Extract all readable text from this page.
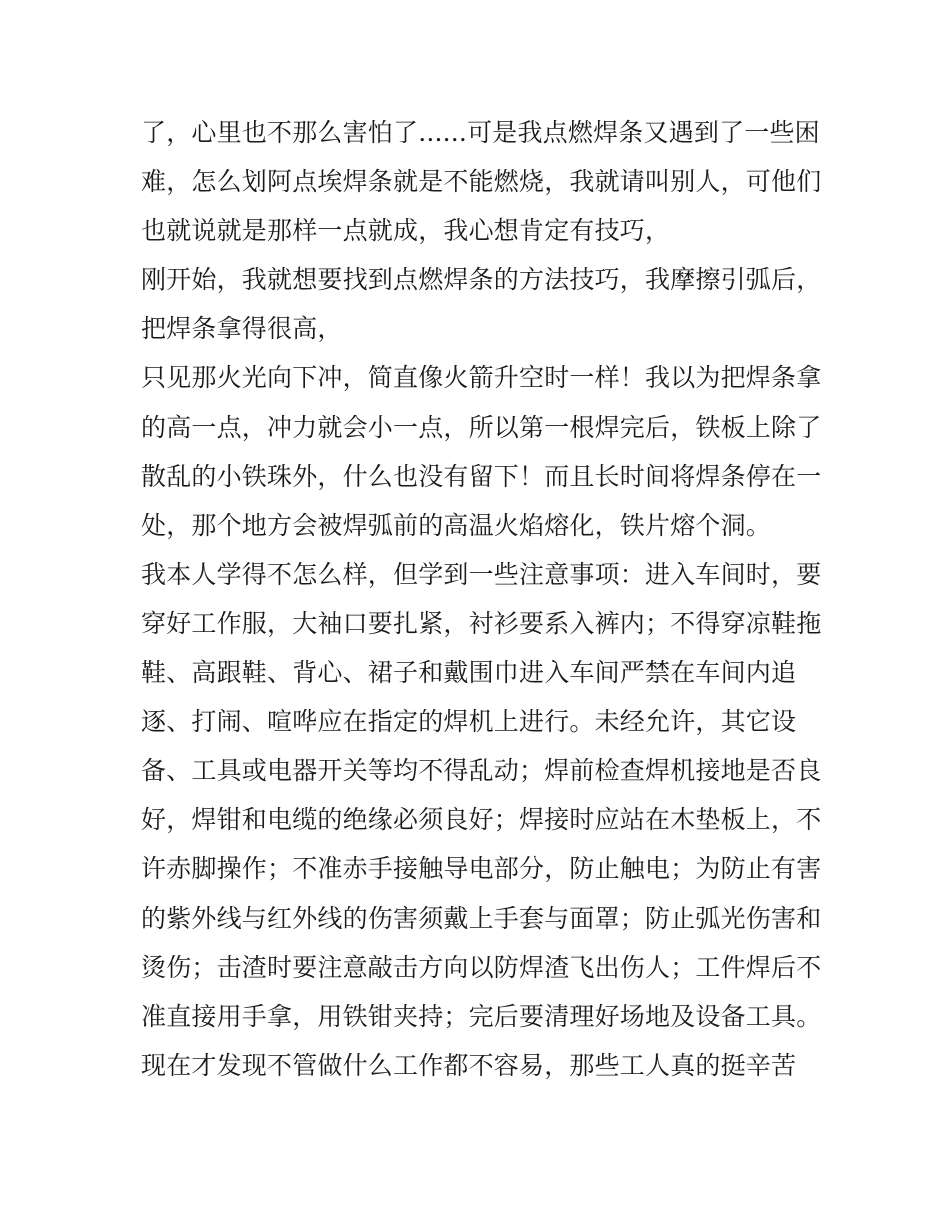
了，心里也不那么害怕了......可是我点燃焊条又遇到了一些困
难，怎么划阿点埃焊条就是不能燃烧，我就请叫别人，可他们
也就说就是那样一点就成，我心想肯定有技巧，
刚开始，我就想要找到点燃焊条的方法技巧，我摩擦引弧后，
把焊条拿得很高，
只见那火光向下冲，简直像火箭升空时一样！我以为把焊条拿
的高一点，冲力就会小一点，所以第一根焊完后，铁板上除了
散乱的小铁珠外，什么也没有留下！而且长时间将焊条停在一
处，那个地方会被焊弧前的高温火焰熔化，铁片熔个洞。
我本人学得不怎么样，但学到一些注意事项：进入车间时，要
穿好工作服，大袖口要扎紧，衬衫要系入裤内；不得穿凉鞋拖
鞋、高跟鞋、背心、裙子和戴围巾进入车间严禁在车间内追
逐、打闹、喧哗应在指定的焊机上进行。未经允许，其它设
备、工具或电器开关等均不得乱动；焊前检查焊机接地是否良
好，焊钳和电缆的绝缘必须良好；焊接时应站在木垫板上，不
许赤脚操作；不准赤手接触导电部分，防止触电；为防止有害
的紫外线与红外线的伤害须戴上手套与面罩；防止弧光伤害和
烫伤；击渣时要注意敲击方向以防焊渣飞出伤人；工件焊后不
准直接用手拿，用铁钳夹持；完后要清理好场地及设备工具。
现在才发现不管做什么工作都不容易，那些工人真的挺辛苦
